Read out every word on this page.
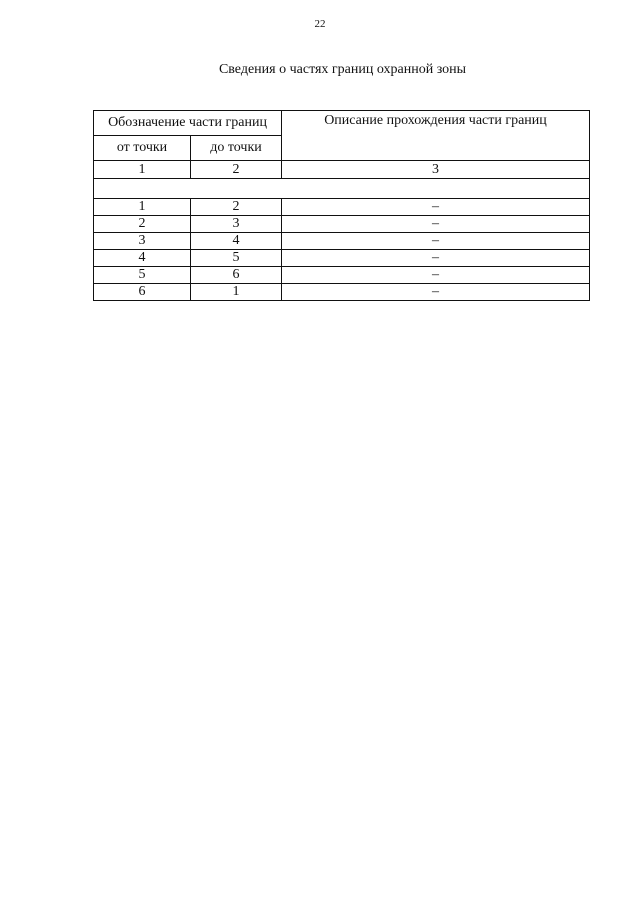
22
Сведения о частях границ охранной зоны
Обозначение части границ		Описание прохождения части границ
от точки	до точки	
1	2	3

1	2	–
2	3	–
3	4	–
4	5	–
5	6	–
6	1	–
